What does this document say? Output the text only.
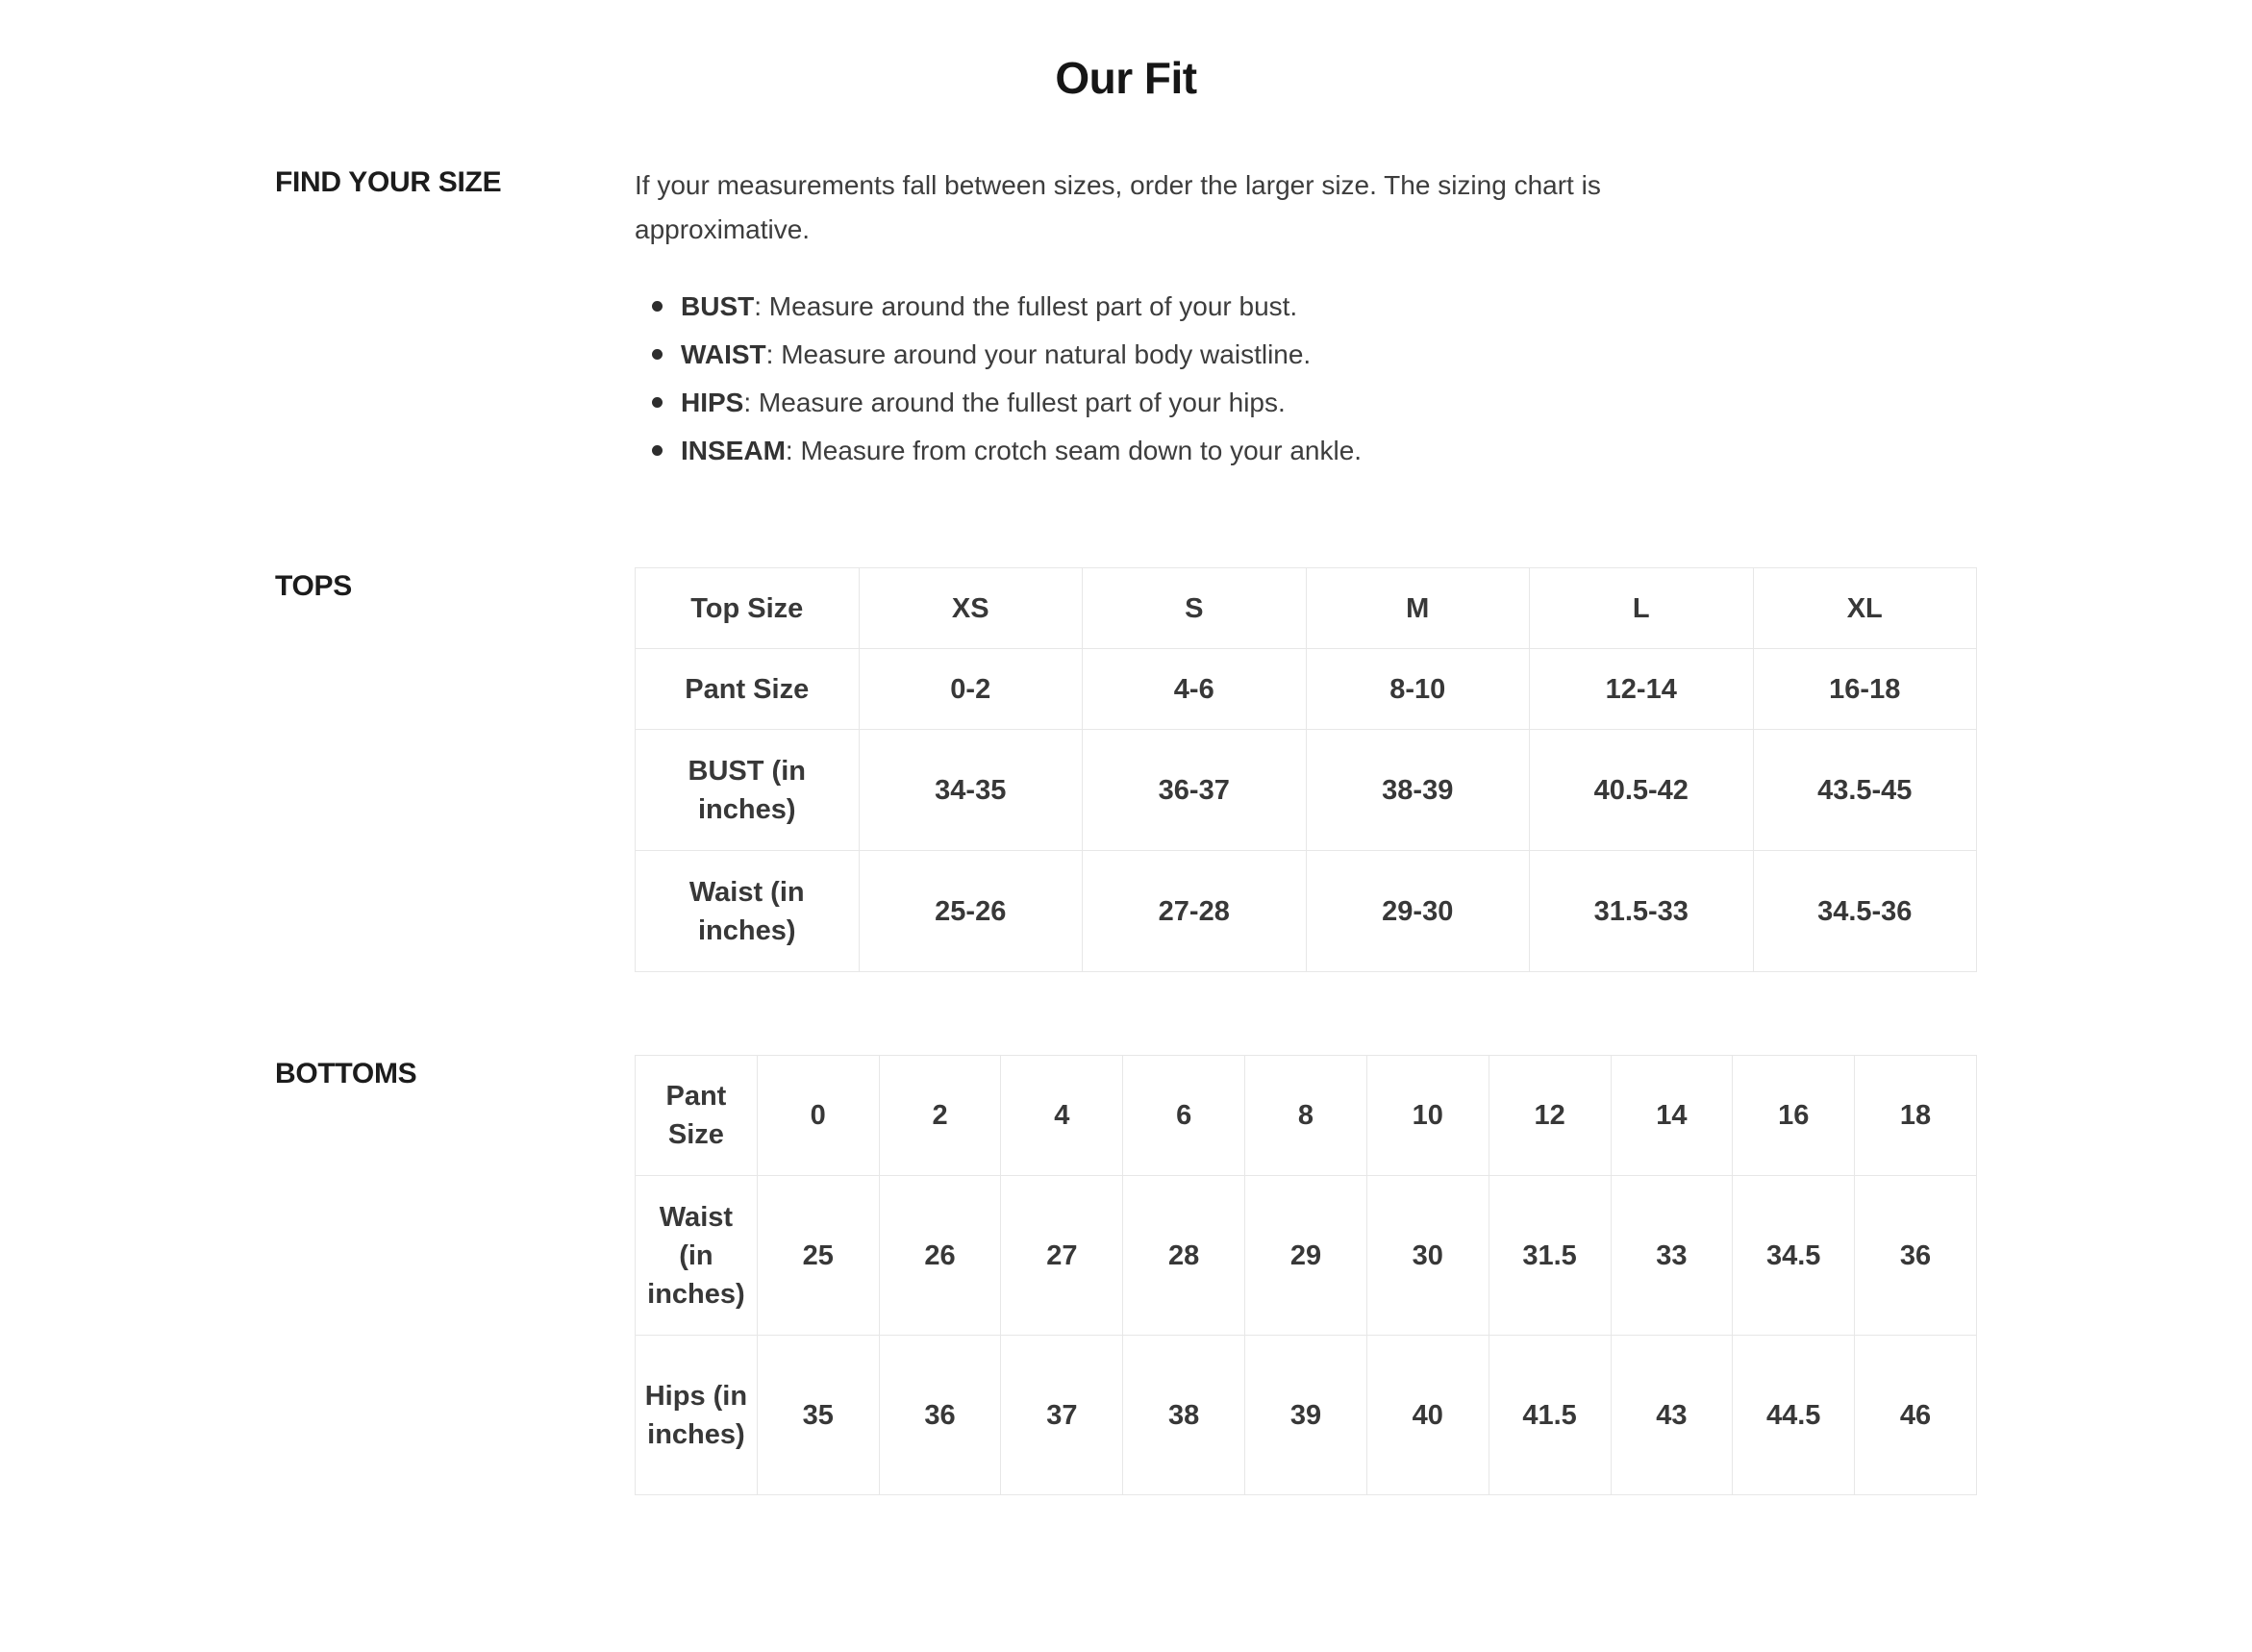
Our Fit
FIND YOUR SIZE	If your measurements fall between sizes, order the larger size. The sizing chart is approximative.

BUST: Measure around the fullest part of your bust.
WAIST: Measure around your natural body waistline.
HIPS: Measure around the fullest part of your hips.
INSEAM: Measure from crotch seam down to your ankle.
TOPS
Top Size	XS	S	M	L	XL
Pant Size	0-2	4-6	8-10	12-14	16-18
BUST (in inches)	34-35	36-37	38-39	40.5-42	43.5-45
Waist (in inches)	25-26	27-28	29-30	31.5-33	34.5-36
BOTTOMS
Pant Size	0	2	4	6	8	10	12	14	16	18
Waist (in inches)	25	26	27	28	29	30	31.5	33	34.5	36
Hips (in inches)	35	36	37	38	39	40	41.5	43	44.5	46
